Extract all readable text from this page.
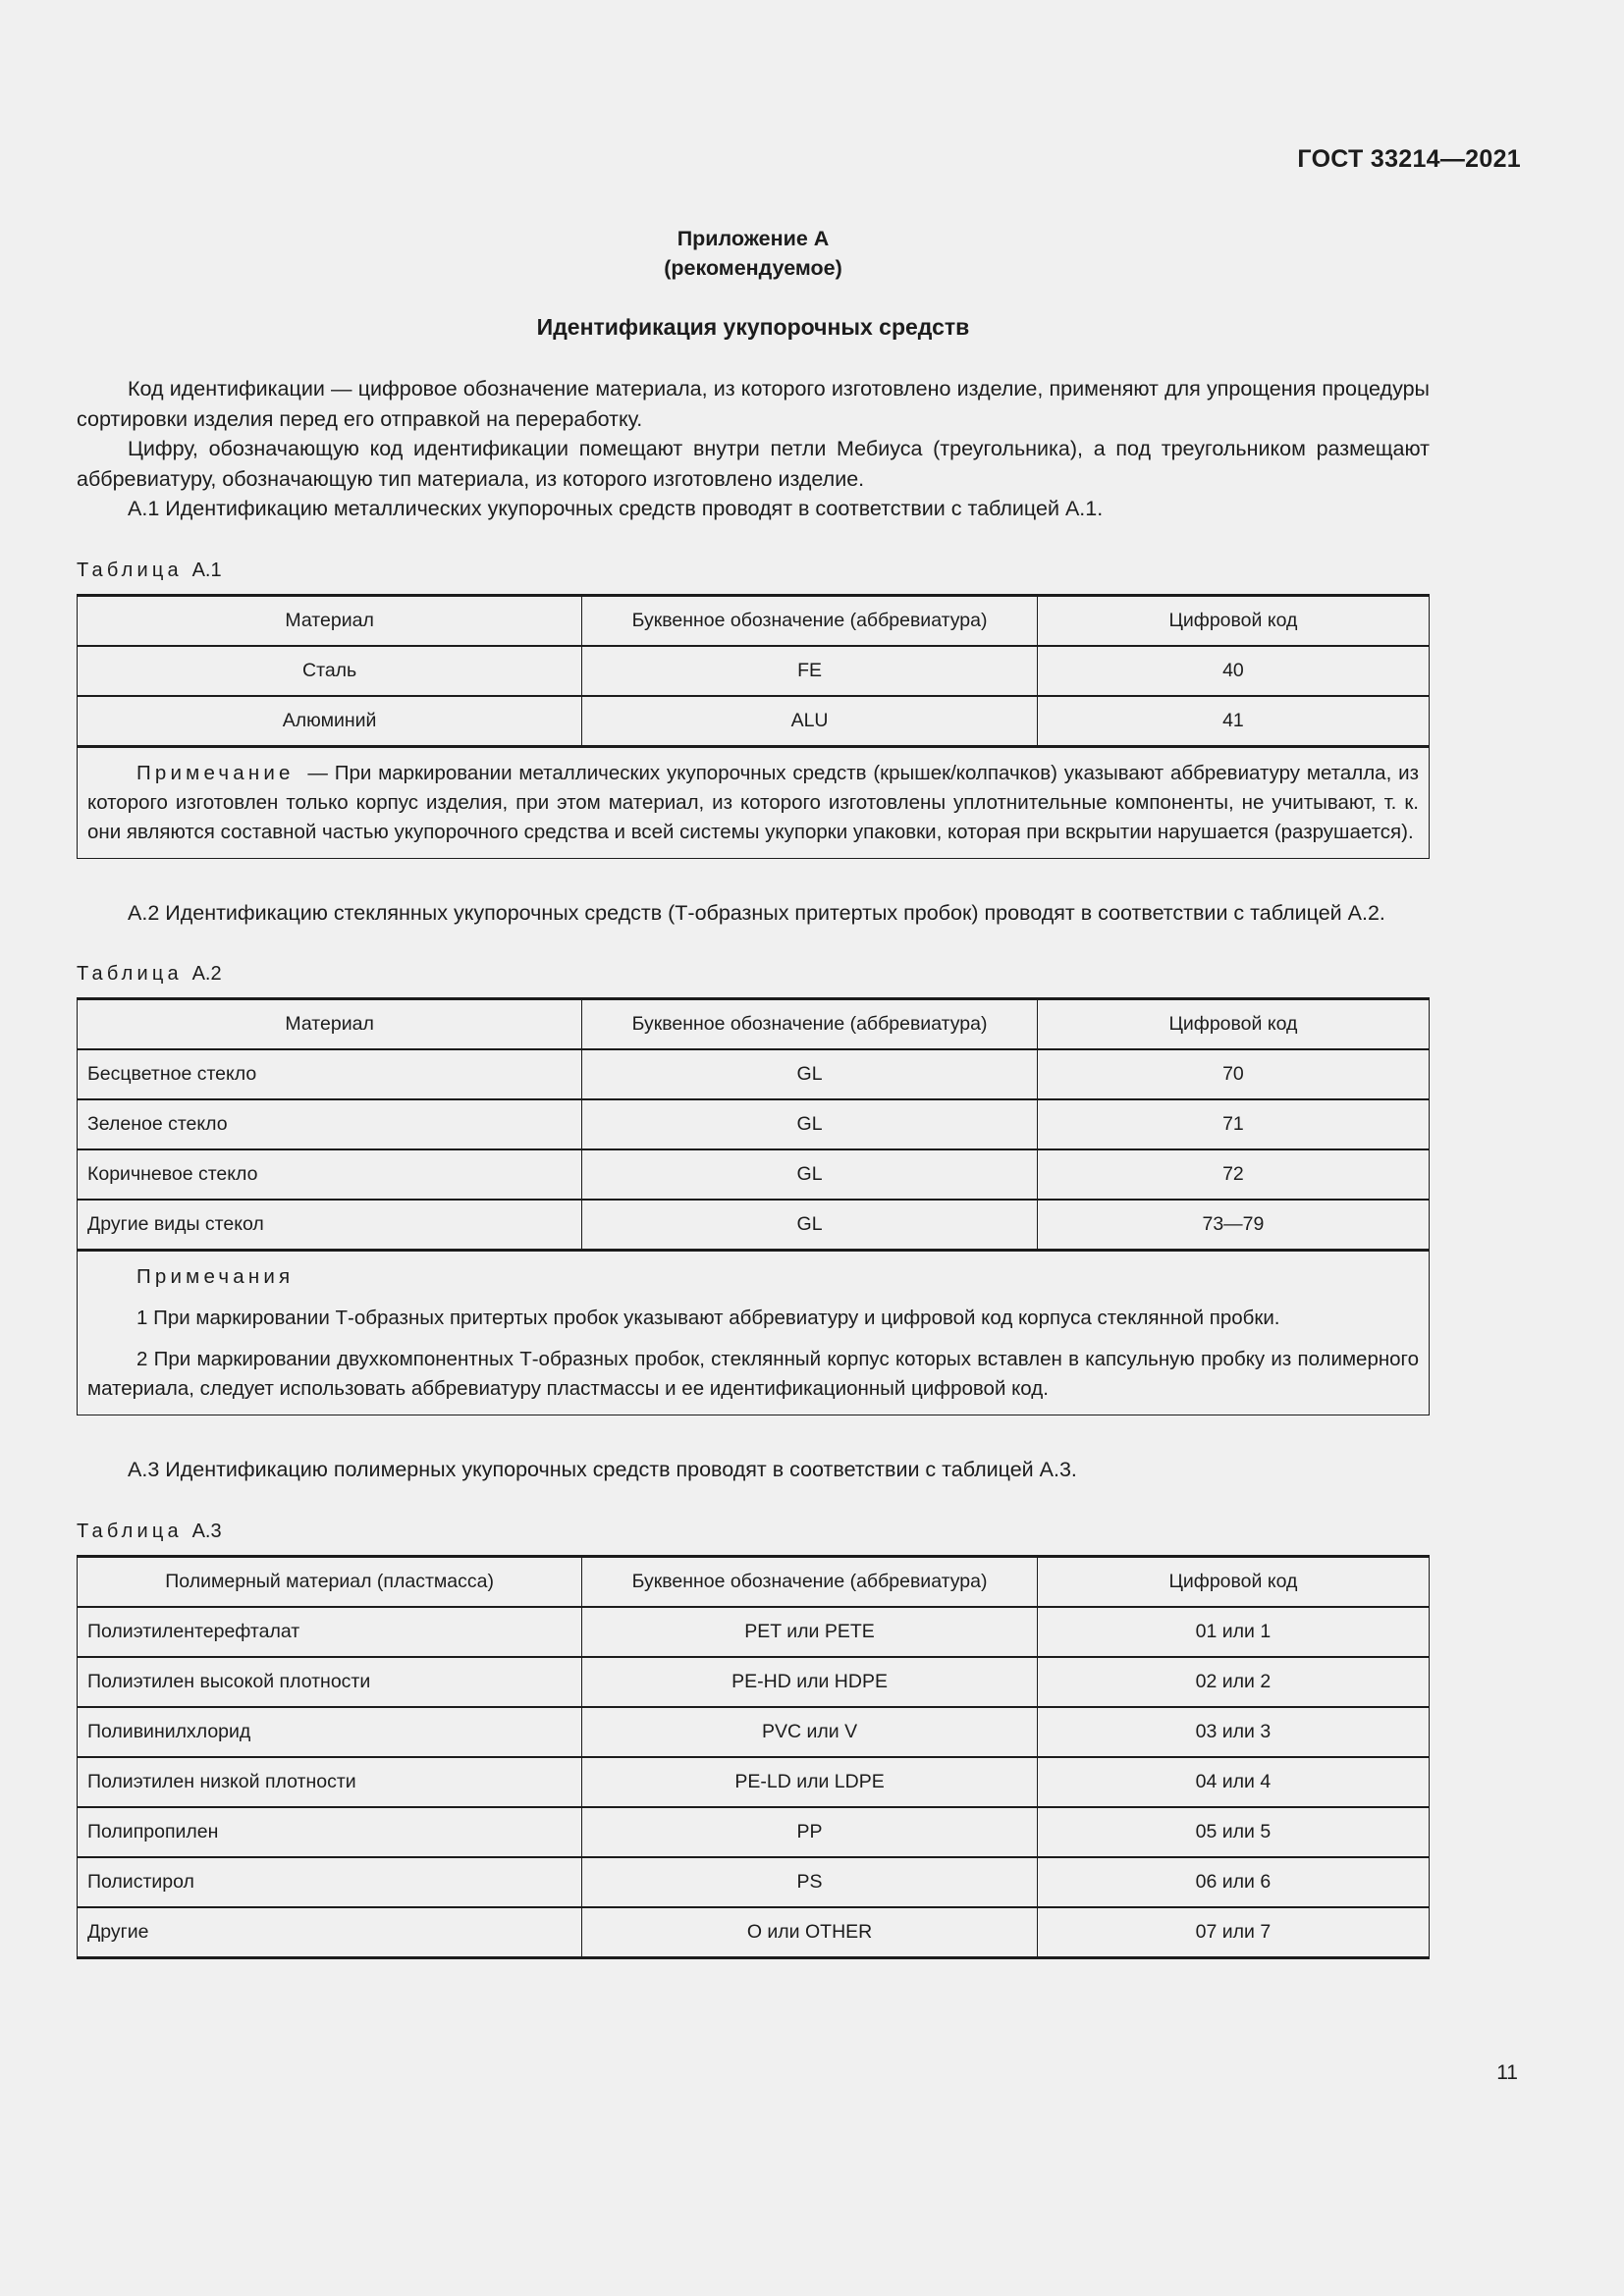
ГОСТ 33214—2021
Приложение А
(рекомендуемое)
Идентификация укупорочных средств

Код идентификации — цифровое обозначение материала, из которого изготовлено изделие, применяют для упрощения процедуры сортировки изделия перед его отправкой на переработку.

Цифру, обозначающую код идентификации помещают внутри петли Мебиуса (треугольника), а под треугольником размещают аббревиатуру, обозначающую тип материала, из которого изготовлено изделие.

А.1 Идентификацию металлических укупорочных средств проводят в соответствии с таблицей А.1.

Таблица А.1
Материал	Буквенное обозначение (аббревиатура)	Цифровой код
Сталь	FE	40
Алюминий	ALU	41

Примечание — При маркировании металлических укупорочных средств (крышек/колпачков) указывают аббревиатуру металла, из которого изготовлен только корпус изделия, при этом материал, из которого изготовлены уплотнительные компоненты, не учитывают, т. к. они являются составной частью укупорочного средства и всей системы укупорки упаковки, которая при вскрытии нарушается (разрушается).		

А.2 Идентификацию стеклянных укупорочных средств (Т-образных притертых пробок) проводят в соответствии с таблицей А.2.

Таблица А.2
Материал	Буквенное обозначение (аббревиатура)	Цифровой код
Бесцветное стекло	GL	70
Зеленое стекло	GL	71
Коричневое стекло	GL	72
Другие виды стекол	GL	73—79

Примечания

1 При маркировании Т-образных притертых пробок указывают аббревиатуру и цифровой код корпуса стеклянной пробки.

2 При маркировании двухкомпонентных Т-образных пробок, стеклянный корпус которых вставлен в капсульную пробку из полимерного материала, следует использовать аббревиатуру пластмассы и ее идентификационный цифровой код.		

А.3 Идентификацию полимерных укупорочных средств проводят в соответствии с таблицей А.3.

Таблица А.3
Полимерный материал (пластмасса)	Буквенное обозначение (аббревиатура)	Цифровой код
Полиэтилентерефталат	PET или PETE	01 или 1
Полиэтилен высокой плотности	PE-HD или HDPE	02 или 2
Поливинилхлорид	PVC или V	03 или 3
Полиэтилен низкой плотности	PE-LD или LDPE	04 или 4
Полипропилен	PP	05 или 5
Полистирол	PS	06 или 6
Другие	O или OTHER	07 или 7
11
